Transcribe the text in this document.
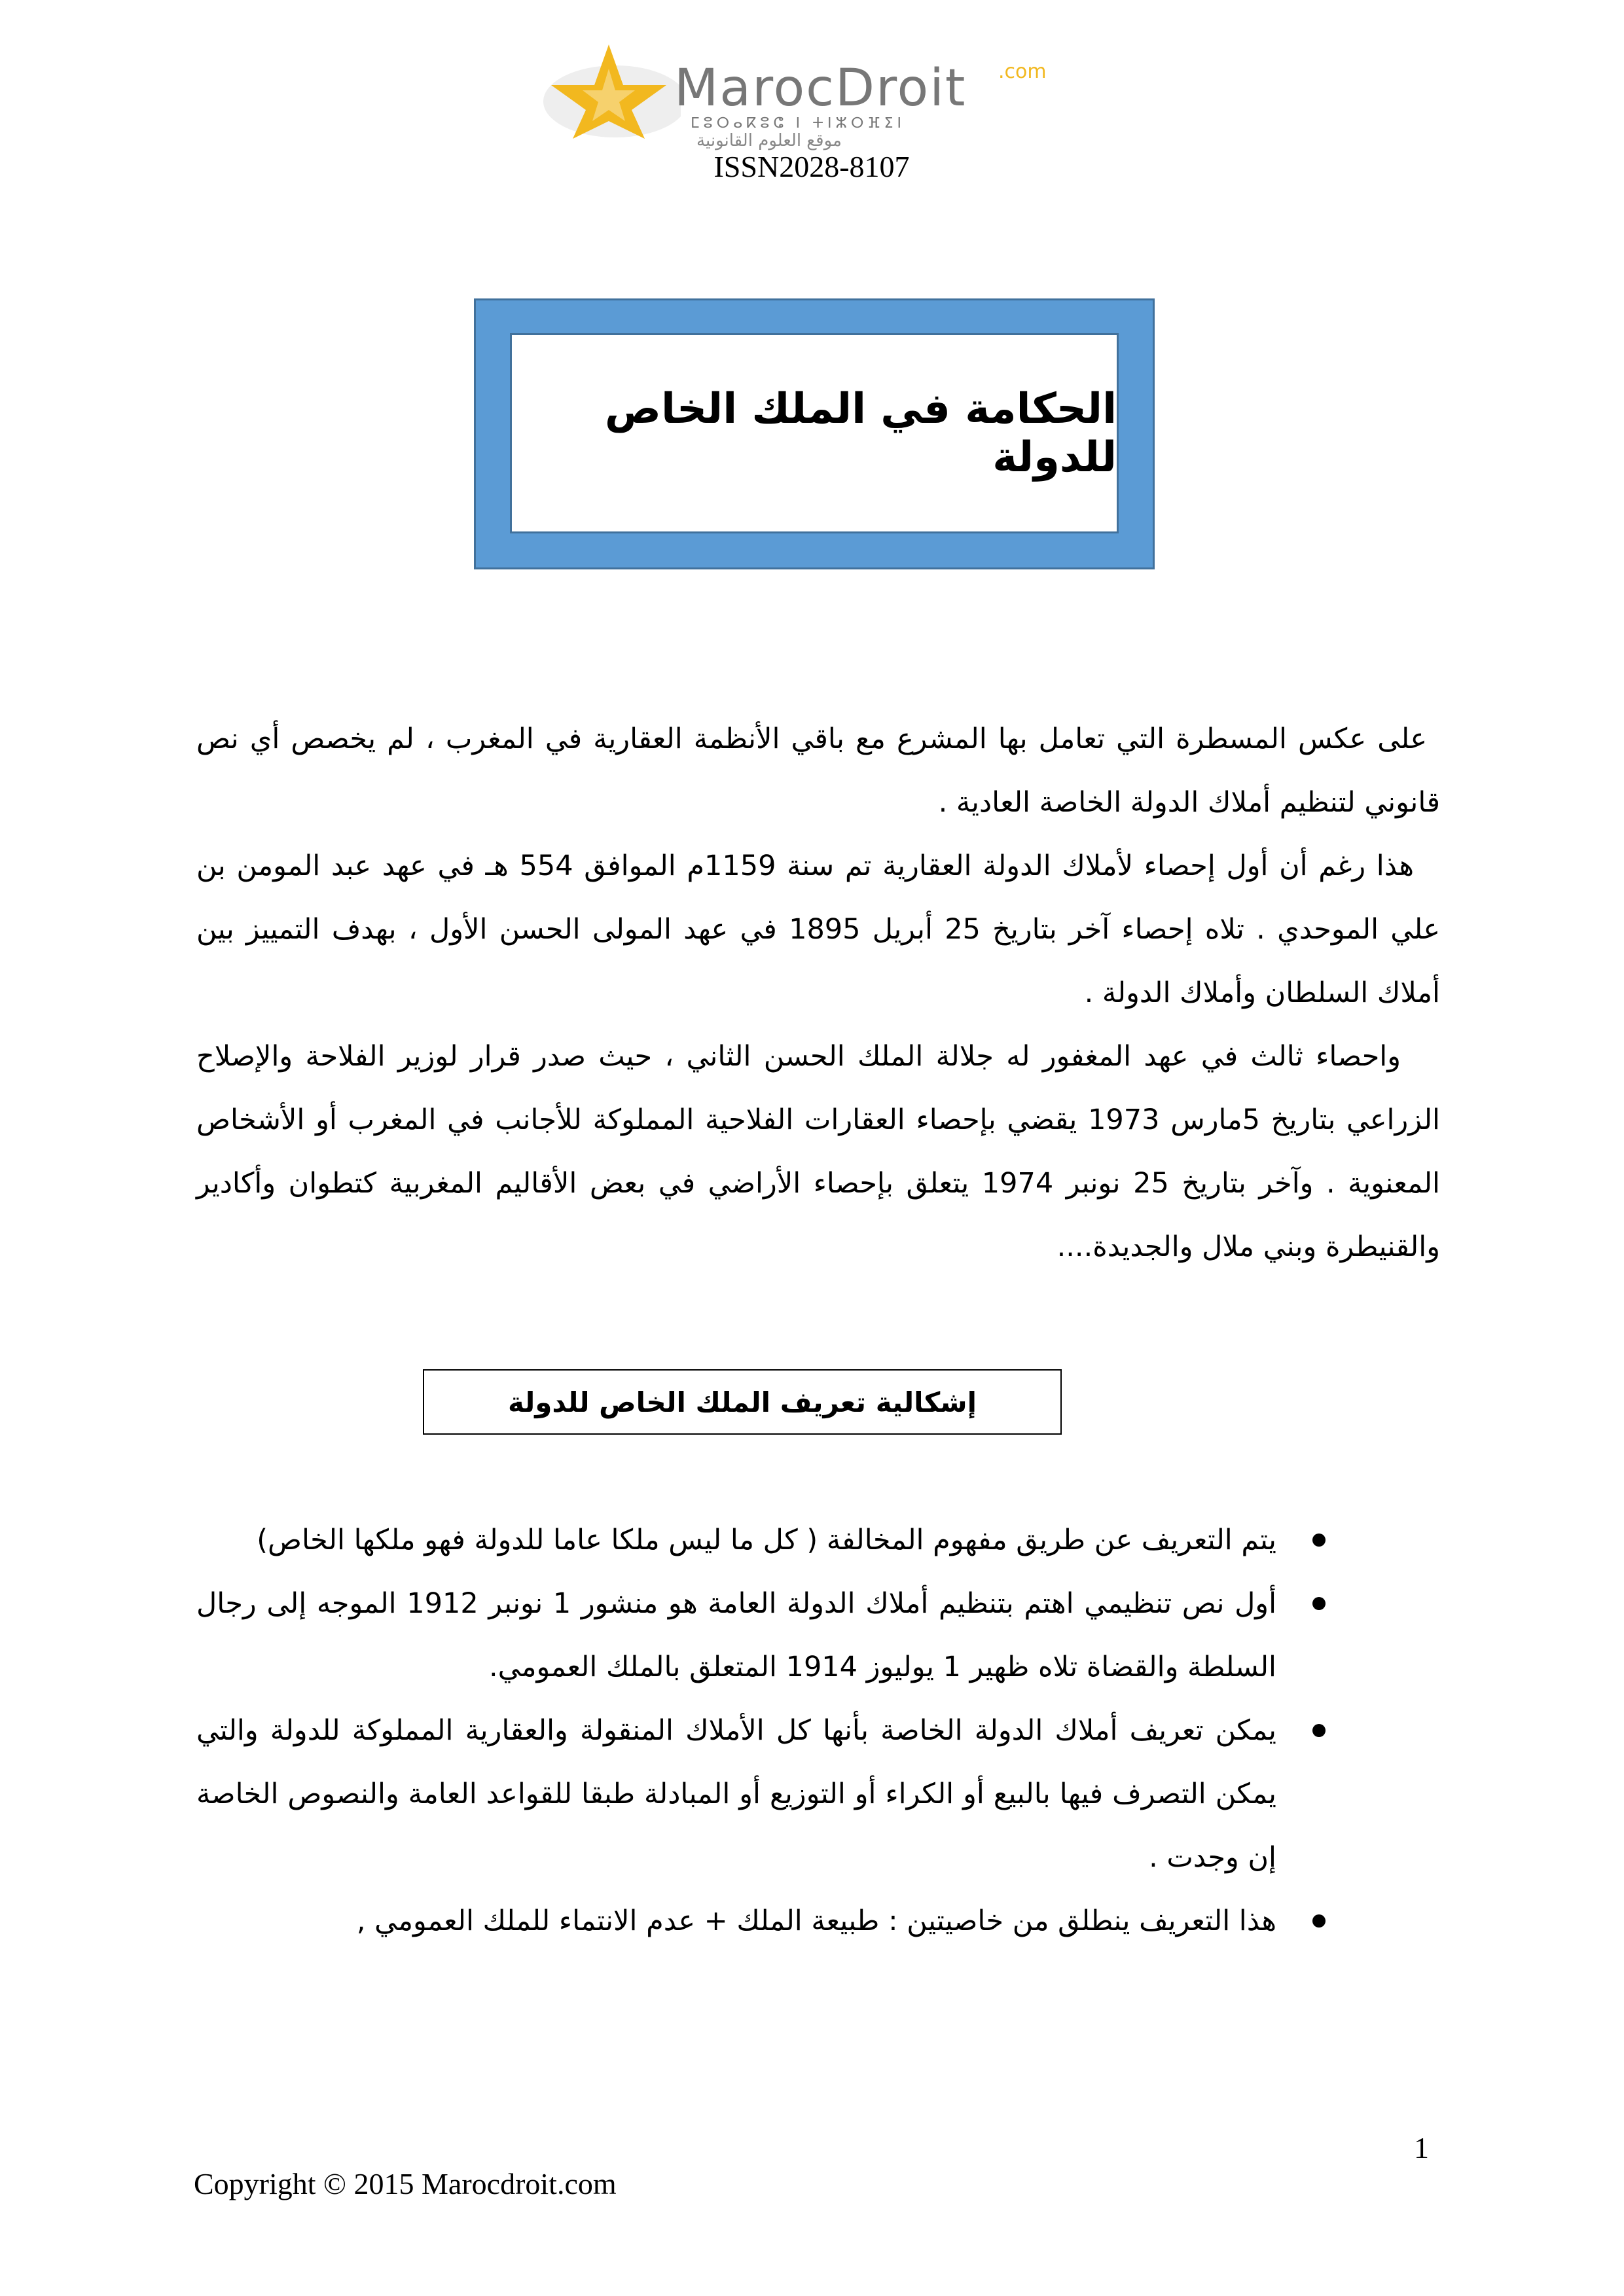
MarocDroit .com
ⵎⵓⵔⴰⴽⵓⵛ ⵏ ⵜⵏⵣⵔⴼⵉⵏ
موقع العلوم القانونية
ISSN2028-8107
الحكامة في الملك الخاص للدولة

على عكس المسطرة التي تعامل بها المشرع مع باقي الأنظمة العقارية في المغرب ، لم يخصص أي نص قانوني لتنظيم أملاك الدولة الخاصة العادية .

هذا رغم أن أول إحصاء لأملاك الدولة العقارية تم سنة 1159م الموافق 554 هـ في عهد عبد المومن بن علي الموحدي . تلاه إحصاء آخر بتاريخ 25 أبريل 1895 في عهد المولى الحسن الأول ، بهدف التمييز بين أملاك السلطان وأملاك الدولة .

واحصاء ثالث في عهد المغفور له جلالة الملك الحسن الثاني ، حيث صدر قرار لوزير الفلاحة والإصلاح الزراعي بتاريخ 5مارس 1973 يقضي بإحصاء العقارات الفلاحية المملوكة للأجانب في المغرب أو الأشخاص المعنوية . وآخر بتاريخ 25 نونبر 1974 يتعلق بإحصاء الأراضي في بعض الأقاليم المغربية كتطوان وأكادير والقنيطرة وبني ملال والجديدة....

إشكالية تعريف الملك الخاص للدولة
يتم التعريف عن طريق مفهوم المخالفة ( كل ما ليس ملكا عاما للدولة فهو ملكها الخاص)
أول نص تنظيمي اهتم بتنظيم أملاك الدولة العامة هو منشور 1 نونبر 1912 الموجه إلى رجال السلطة والقضاة تلاه ظهير 1 يوليوز 1914 المتعلق بالملك العمومي.
يمكن تعريف أملاك الدولة الخاصة بأنها كل الأملاك المنقولة والعقارية المملوكة للدولة والتي يمكن التصرف فيها بالبيع أو الكراء أو التوزيع أو المبادلة طبقا للقواعد العامة والنصوص الخاصة إن وجدت .
هذا التعريف ينطلق من خاصيتين : طبيعة الملك + عدم الانتماء للملك العمومي ,
1
Copyright © 2015 Marocdroit.com
